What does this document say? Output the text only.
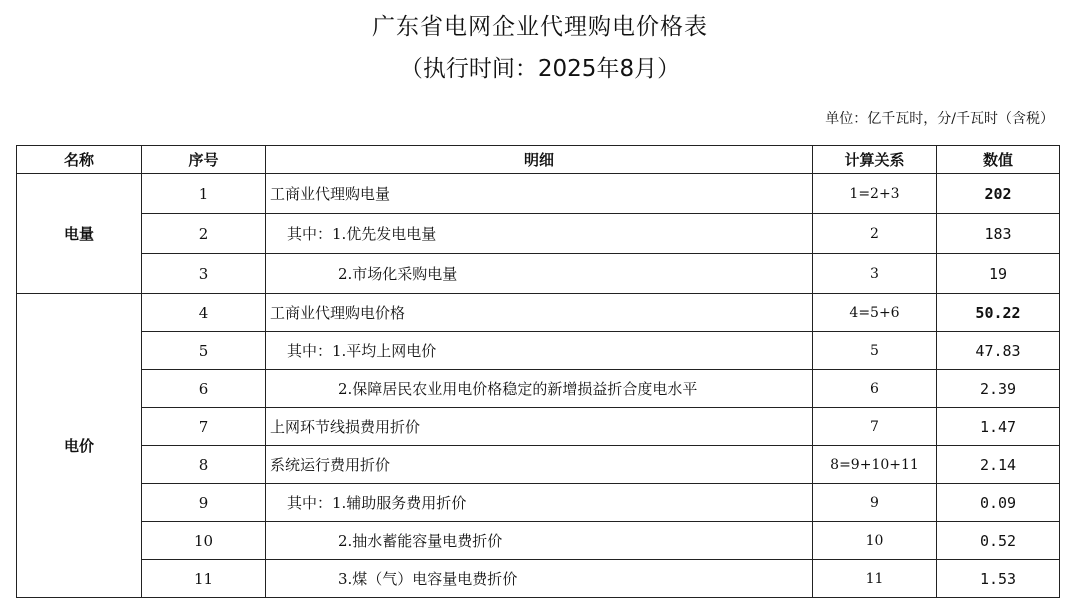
广东省电网企业代理购电价格表
（执行时间：2025年8月）
单位：亿千瓦时，分/千瓦时（含税）
名称	序号	明细	计算关系	数值
电量	1	工商业代理购电量	1=2+3	202
	2	其中：1.优先发电电量	2	183
	3	2.市场化采购电量	3	19
电价	4	工商业代理购电价格	4=5+6	50.22
	5	其中：1.平均上网电价	5	47.83
	6	2.保障居民农业用电价格稳定的新增损益折合度电水平	6	2.39
	7	上网环节线损费用折价	7	1.47
	8	系统运行费用折价	8=9+10+11	2.14
	9	其中：1.辅助服务费用折价	9	0.09
	10	2.抽水蓄能容量电费折价	10	0.52
	11	3.煤（气）电容量电费折价	11	1.53
